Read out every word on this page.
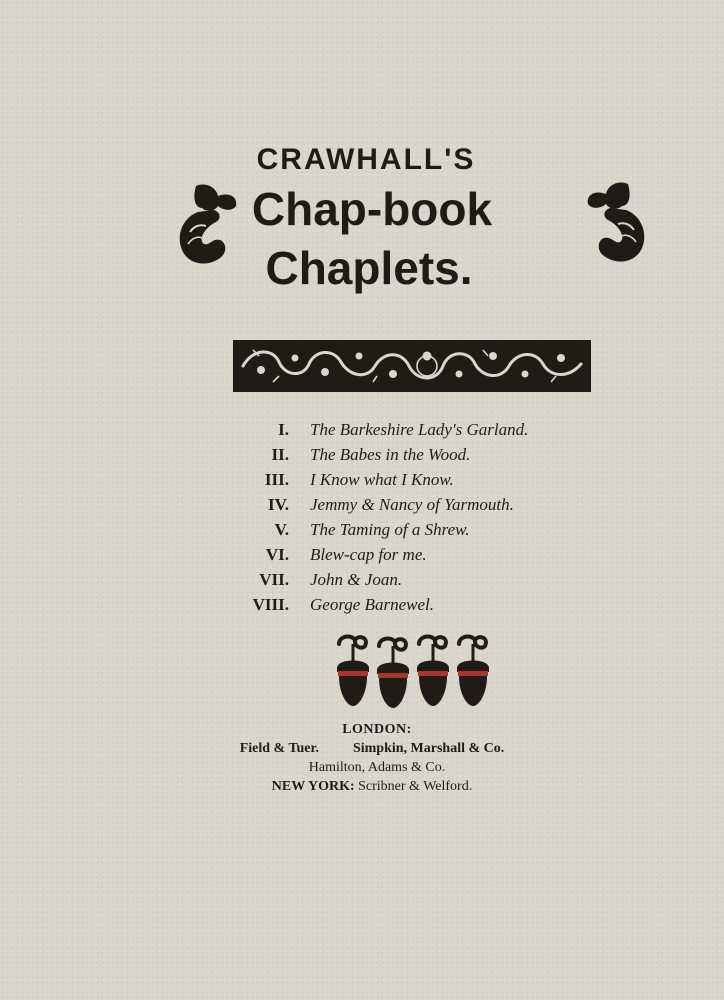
CRAWHALL'S
Chap-book
Chaplets.
I. The Barkeshire Lady's Garland.
II. The Babes in the Wood.
III. I Know what I Know.
IV. Jemmy & Nancy of Yarmouth.
V. The Taming of a Shrew.
VI. Blew-cap for me.
VII. John & Joan.
VIII. George Barnewel.
LONDON:
Field & Tuer. Simpkin, Marshall & Co.
Hamilton, Adams & Co.
NEW YORK: Scribner & Welford.
